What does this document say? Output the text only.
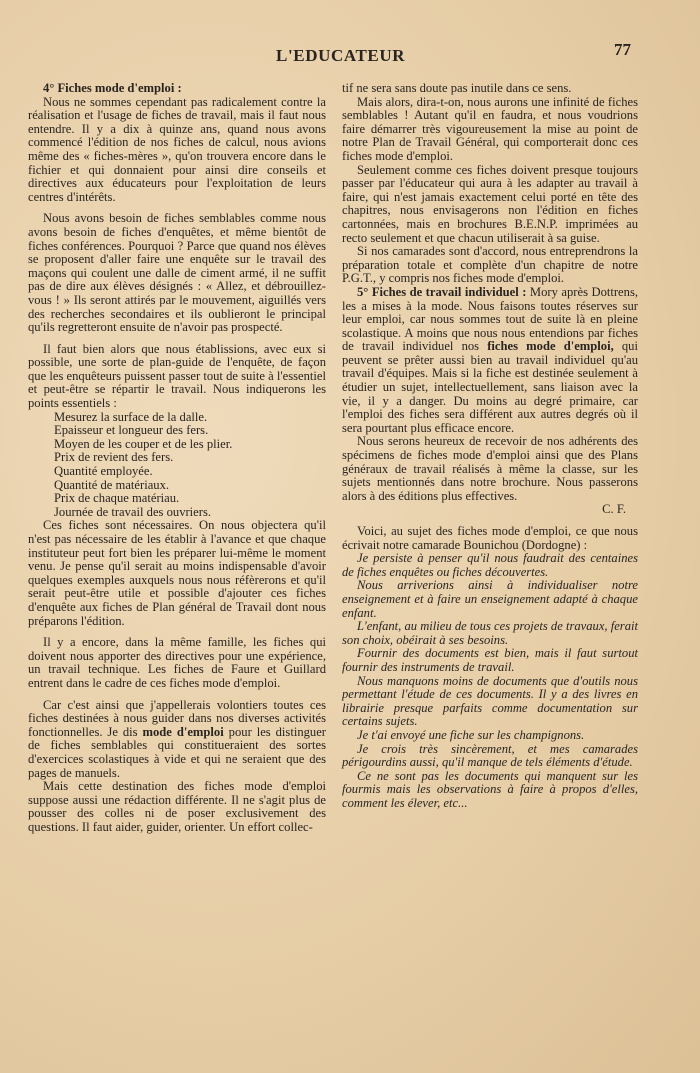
L'EDUCATEUR	77

4° Fiches mode d'emploi :

Nous ne sommes cependant pas radicalement contre la réalisation et l'usage de fiches de travail, mais il faut nous entendre. Il y a dix à quinze ans, quand nous avons commencé l'édition de nos fiches de calcul, nous avions même des « fiches-mères », qu'on trouvera encore dans le fichier et qui donnaient pour ainsi dire conseils et directives aux éducateurs pour l'exploitation de leurs centres d'intérêts.

Nous avons besoin de fiches semblables comme nous avons besoin de fiches d'enquêtes, et même bientôt de fiches conférences. Pourquoi ? Parce que quand nos élèves se proposent d'aller faire une enquête sur le travail des maçons qui coulent une dalle de ciment armé, il ne suffit pas de dire aux élèves désignés : « Allez, et débrouillez-vous ! » Ils seront attirés par le mouvement, aiguillés vers des recherches secondaires et ils oublieront le principal qu'ils regretteront ensuite de n'avoir pas prospecté.

Il faut bien alors que nous établissions, avec eux si possible, une sorte de plan-guide de l'enquête, de façon que les enquêteurs puissent passer tout de suite à l'essentiel et peut-être se répartir le travail. Nous indiquerons les points essentiels :

Mesurez la surface de la dalle.
Epaisseur et longueur des fers.
Moyen de les couper et de les plier.
Prix de revient des fers.
Quantité employée.
Quantité de matériaux.
Prix de chaque matériau.
Journée de travail des ouvriers.

Ces fiches sont nécessaires. On nous objectera qu'il n'est pas nécessaire de les établir à l'avance et que chaque instituteur peut fort bien les préparer lui-même le moment venu. Je pense qu'il serait au moins indispensable d'avoir quelques exemples auxquels nous nous réfèrerons et qu'il serait peut-être utile et possible d'ajouter ces fiches d'enquête aux fiches de Plan général de Travail dont nous préparons l'édition.

Il y a encore, dans la même famille, les fiches qui doivent nous apporter des directives pour une expérience, un travail technique. Les fiches de Faure et Guillard entrent dans le cadre de ces fiches mode d'emploi.

Car c'est ainsi que j'appellerais volontiers toutes ces fiches destinées à nous guider dans nos diverses activités fonctionnelles. Je dis mode d'emploi pour les distinguer de fiches semblables qui constitueraient des sortes d'exercices scolastiques à vide et qui ne seraient que des pages de manuels.

Mais cette destination des fiches mode d'emploi suppose aussi une rédaction différente. Il ne s'agit plus de pousser des colles ni de poser exclusivement des questions. Il faut aider, guider, orienter. Un effort collec-

tif ne sera sans doute pas inutile dans ce sens.

Mais alors, dira-t-on, nous aurons une infinité de fiches semblables ! Autant qu'il en faudra, et nous voudrions faire démarrer très vigoureusement la mise au point de notre Plan de Travail Général, qui comporterait donc ces fiches mode d'emploi.

Seulement comme ces fiches doivent presque toujours passer par l'éducateur qui aura à les adapter au travail à faire, qui n'est jamais exactement celui porté en tête des chapitres, nous envisagerons non l'édition en fiches cartonnées, mais en brochures B.E.N.P. imprimées au recto seulement et que chacun utiliserait à sa guise.

Si nos camarades sont d'accord, nous entreprendrons la préparation totale et complète d'un chapitre de notre P.G.T., y compris nos fiches mode d'emploi.

5° Fiches de travail individuel : Mory après Dottrens, les a mises à la mode. Nous faisons toutes réserves sur leur emploi, car nous sommes tout de suite là en pleine scolastique. A moins que nous nous entendions par fiches de travail individuel nos fiches mode d'emploi, qui peuvent se prêter aussi bien au travail individuel qu'au travail d'équipes. Mais si la fiche est destinée seulement à étudier un sujet, intellectuellement, sans liaison avec la vie, il y a danger. Du moins au degré primaire, car l'emploi des fiches sera différent aux autres degrés où il sera pourtant plus efficace encore.

Nous serons heureux de recevoir de nos adhérents des spécimens de fiches mode d'emploi ainsi que des Plans généraux de travail réalisés à même la classe, sur les sujets mentionnés dans notre brochure. Nous passerons alors à des éditions plus effectives.

C. F.

Voici, au sujet des fiches mode d'emploi, ce que nous écrivait notre camarade Bounichou (Dordogne) :

Je persiste à penser qu'il nous faudrait des centaines de fiches enquêtes ou fiches découvertes.

Nous arriverions ainsi à individualiser notre enseignement et à faire un enseignement adapté à chaque enfant.

L'enfant, au milieu de tous ces projets de travaux, ferait son choix, obéirait à ses besoins.

Fournir des documents est bien, mais il faut surtout fournir des instruments de travail.

Nous manquons moins de documents que d'outils nous permettant l'étude de ces documents. Il y a des livres en librairie presque parfaits comme documentation sur certains sujets.

Je t'ai envoyé une fiche sur les champignons.

Je crois très sincèrement, et mes camarades périgourdins aussi, qu'il manque de tels éléments d'étude.

Ce ne sont pas les documents qui manquent sur les fourmis mais les observations à faire à propos d'elles, comment les élever, etc...
